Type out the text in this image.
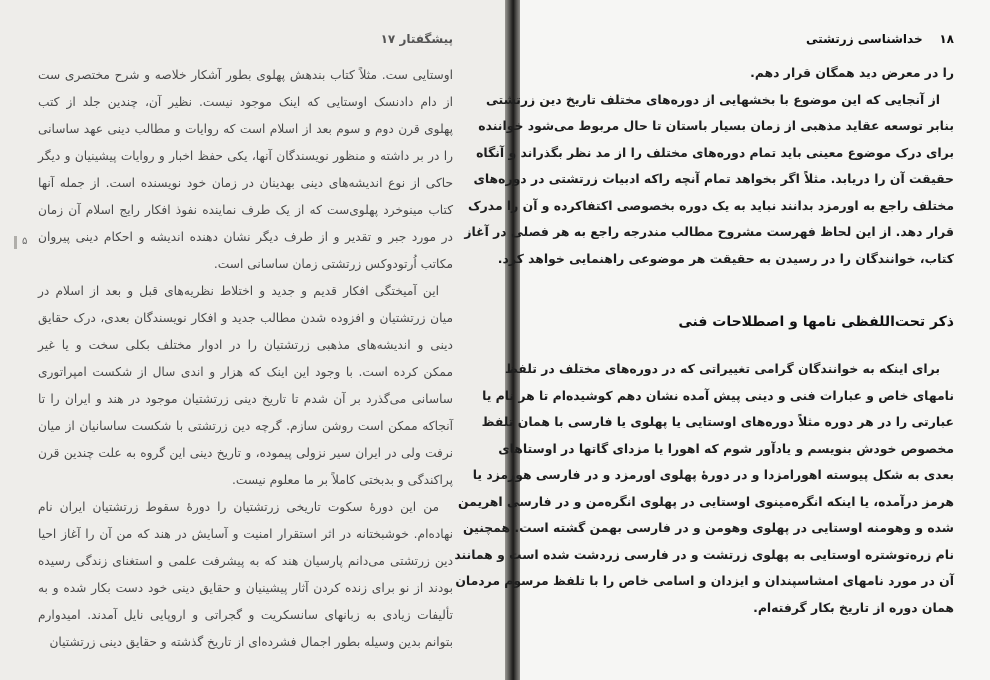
پیشگفتار ۱۷

اوستایی ست. مثلاً کتاب بندهش پهلوی بطور آشکار خلاصه و شرح مختصری ست
از دام دادنسک اوستایی که اینک موجود نیست. نظیر آن، چندین جلد از کتب
پهلوی قرن دوم و سوم بعد از اسلام است که روایات و مطالب دینی عهد ساسانی
را در بر داشته و منظور نویسندگان آنها، یکی حفظ اخبار و روایات پیشینیان و دیگر
حاکی از نوع اندیشه‌های دینی بهدینان در زمان خود نویسنده است. از جمله آنها
کتاب مینوخرد پهلوی‌ست که از یک طرف نماینده نفوذ افکار رایج اسلام آن زمان
در مورد جبر و تقدیر و از طرف دیگر نشان دهنده اندیشه و احکام دینی پیروان
مکاتب اُرتودوکس زرتشتی زمان ساسانی است.

این آمیختگی افکار قدیم و جدید و اختلاط نظریه‌های قبل و بعد از اسلام در
میان زرتشتیان و افزوده شدن مطالب جدید و افکار نویسندگان بعدی، درک حقایق
دینی و اندیشه‌های مذهبی زرتشتیان را در ادوار مختلف بکلی سخت و یا غیر
ممکن کرده است. با وجود این اینک که هزار و اندی سال از شکست امپراتوری
ساسانی می‌گذرد بر آن شدم تا تاریخ دینی زرتشتیان موجود در هند و ایران را تا
آنجاکه ممکن است روشن سازم. گرچه دین زرتشتی با شکست ساسانیان از میان
نرفت ولی در ایران سیر نزولی پیموده، و تاریخ دینی این گروه به علت چندین قرن
پراکندگی و بدبختی کاملاً بر ما معلوم نیست.

من این دورهٔ سکوت تاریخی زرتشتیان را دورهٔ سقوط زرتشتیان ایران نام
نهاده‌ام. خوشبختانه در اثر استقرار امنیت و آسایش در هند که من آن را آغاز احیا
دین زرتشتی می‌دانم پارسیان هند که به پیشرفت علمی و استغنای زندگی رسیده
بودند از نو برای زنده کردن آثار پیشینیان و حقایق دینی خود دست بکار شده و به
تألیفات زیادی به زبانهای سانسکریت و گجراتی و اروپایی نایل آمدند. امیدوارم
بتوانم بدین وسیله بطور اجمال فشرده‌ای از تاریخ گذشته و حقایق دینی زرتشتیان

۵
۱۸    خداشناسی زرتشتی

را در معرض دید همگان قرار دهم.

از آنجایی که این موضوع با بخشهایی از دوره‌های مختلف تاریخ دین زرتشتی
بنابر توسعه عقاید مذهبی از زمان بسیار باستان تا حال مربوط می‌شود خواننده
برای درک موضوع معینی باید تمام دوره‌های مختلف را از مد نظر بگذراند و آنگاه
حقیقت آن را دریابد. مثلاً اگر بخواهد تمام آنچه راکه ادبیات زرتشتی در دوره‌های
مختلف راجع به اورمزد بدانند نباید به یک دوره بخصوصی اکتفاکرده و آن را مدرک
قرار دهد. از این لحاظ فهرست مشروح مطالب مندرجه راجع به هر فصلی در آغاز
کتاب، خوانندگان را در رسیدن به حقیقت هر موضوعی راهنمایی خواهد کرد.

ذکر تحت‌اللفظی نامها و اصطلاحات فنی

برای اینکه به خوانندگان گرامی تغییراتی که در دوره‌های مختلف در تلفظ
نامهای خاص و عبارات فنی و دینی پیش آمده نشان دهم کوشیده‌ام تا هر نام یا
عبارتی را در هر دوره مثلاً دوره‌های اوستایی یا پهلوی یا فارسی با همان تلفظ
مخصوص خودش بنویسم و یادآور شوم که اهورا یا مزدای گاتها در اوستاهای
بعدی به شکل پیوسته اهورامزدا و در دورهٔ پهلوی اورمزد و در فارسی هورمزد یا
هرمز درآمده، یا اینکه انگره‌مینوی اوستایی در پهلوی انگره‌من و در فارسی اهریمن
شده و وهومنه اوستایی در پهلوی وهومن و در فارسی بهمن گشته است. همچنین
نام زره‌توشتره اوستایی به پهلوی زرتشت و در فارسی زردشت شده است و همانند
آن در مورد نامهای امشاسپندان و ایزدان و اسامی خاص را با تلفظ مرسوم مردمان
همان دوره از تاریخ بکار گرفته‌ام.
